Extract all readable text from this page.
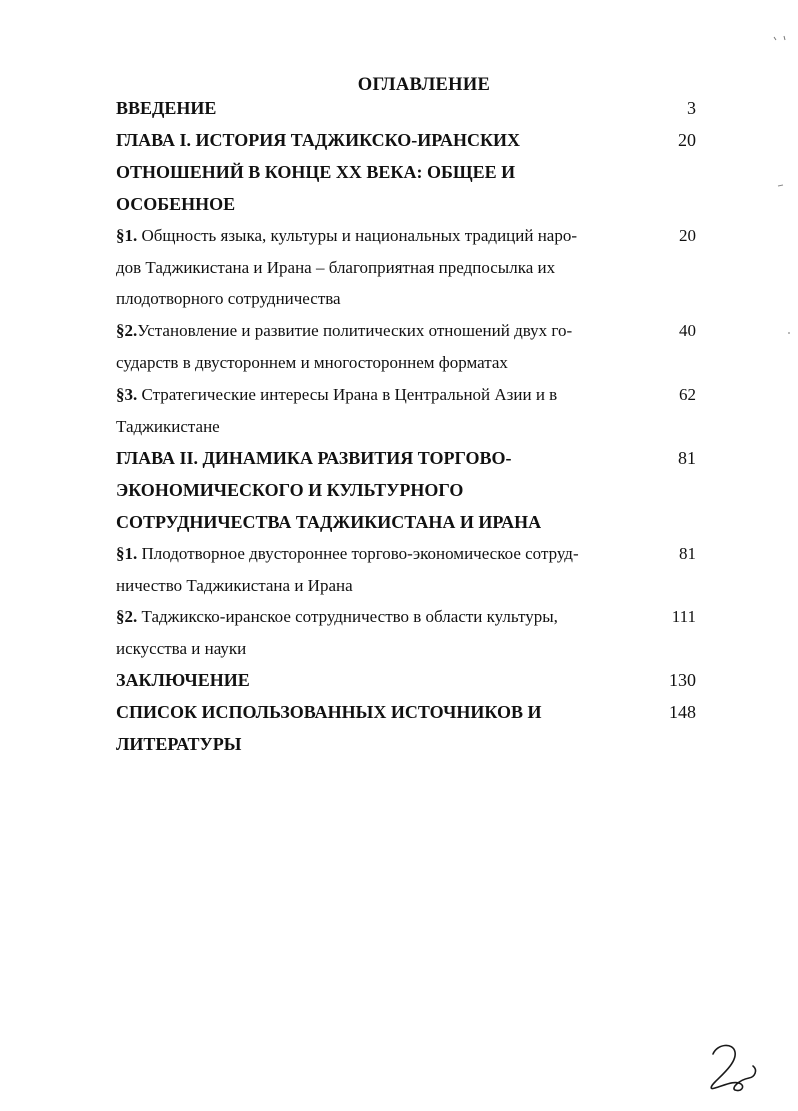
ОГЛАВЛЕНИЕ
ВВЕДЕНИЕ	3
ГЛАВА I. ИСТОРИЯ ТАДЖИКСКО-ИРАНСКИХ
ОТНОШЕНИЙ В КОНЦЕ ХХ ВЕКА: ОБЩЕЕ И
ОСОБЕННОЕ
20
§1. Общность языка, культуры и национальных традиций наро-
дов Таджикистана и Ирана – благоприятная предпосылка их
плодотворного сотрудничества
20
§2.Установление и развитие политических отношений двух го-
сударств в двустороннем и многостороннем форматах
40
§3. Стратегические интересы Ирана в Центральной Азии и в
Таджикистане
62
ГЛАВА II. ДИНАМИКА РАЗВИТИЯ ТОРГОВО-
ЭКОНОМИЧЕСКОГО И КУЛЬТУРНОГО
СОТРУДНИЧЕСТВА ТАДЖИКИСТАНА И ИРАНА
81
§1. Плодотворное двустороннее торгово-экономическое сотруд-
ничество Таджикистана и Ирана
81
§2. Таджикско-иранское сотрудничество в области культуры,
искусства и науки
111
ЗАКЛЮЧЕНИЕ	130
СПИСОК ИСПОЛЬЗОВАННЫХ ИСТОЧНИКОВ И
ЛИТЕРАТУРЫ
148
